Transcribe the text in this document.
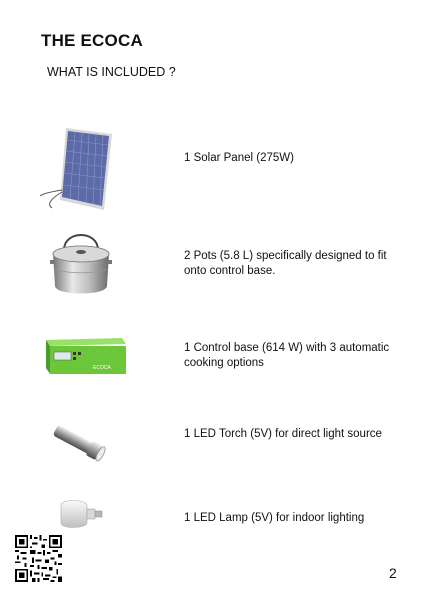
THE ECOCA
WHAT IS INCLUDED ?
1 Solar Panel (275W)
2 Pots (5.8 L) specifically designed to fit onto control base.
ECOCA
1 Control base (614 W) with 3 automatic cooking options
1 LED Torch (5V) for direct light source
1 LED Lamp (5V) for indoor lighting
2
